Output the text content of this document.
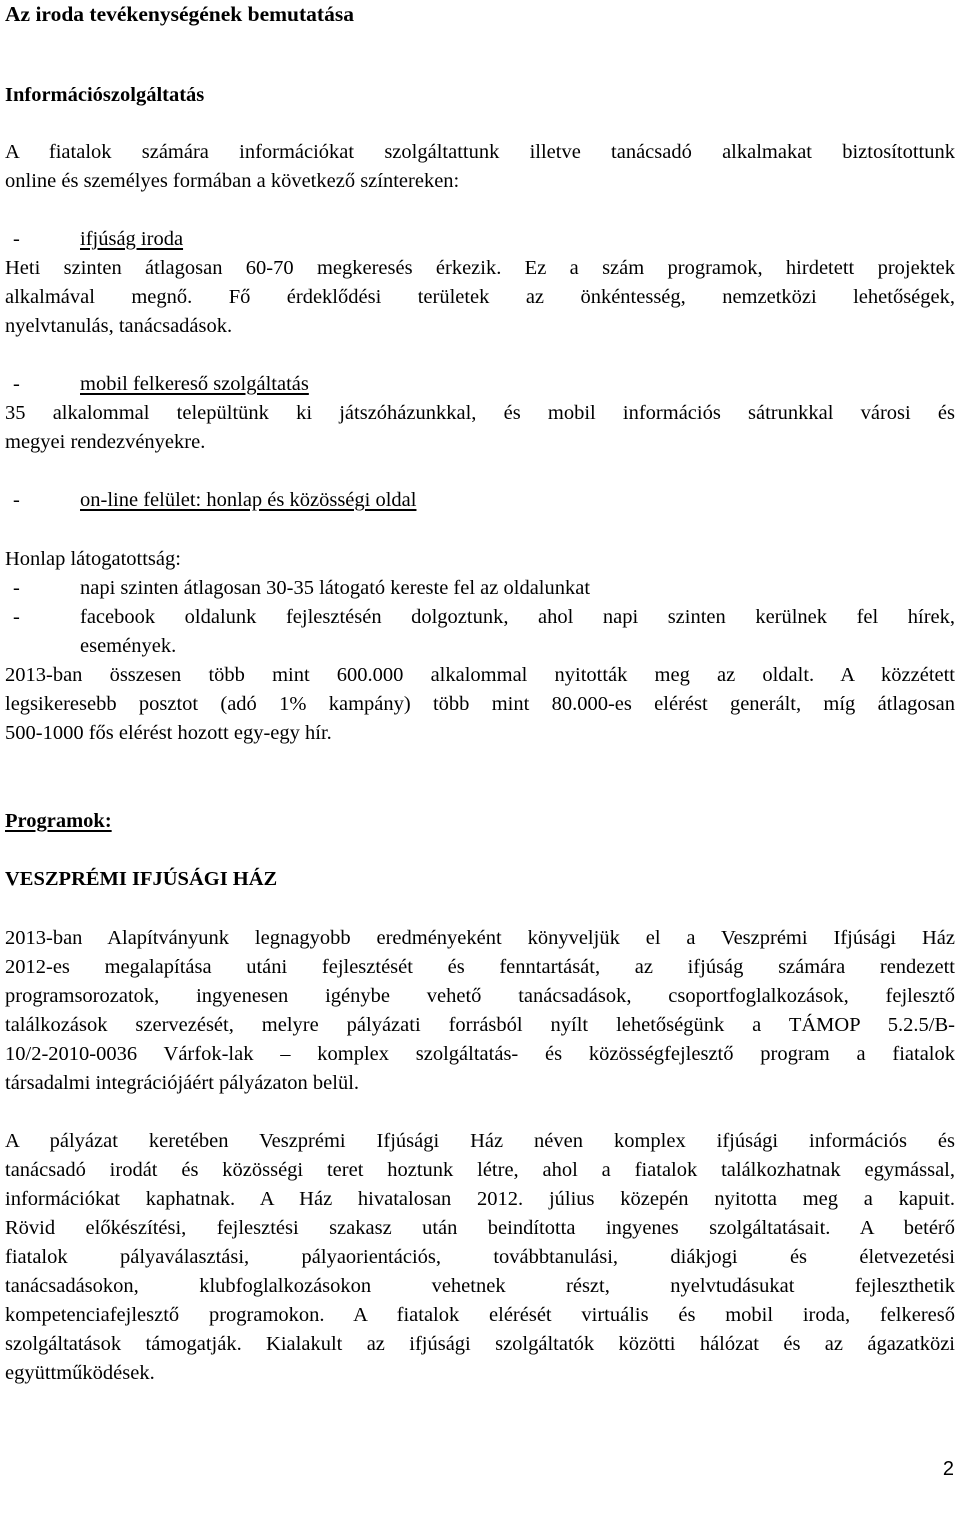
Az iroda tevékenységének bemutatása
Információszolgáltatás
A fiatalok számára információkat szolgáltattunk illetve tanácsadó alkalmakat biztosítottunk
online és személyes formában a következő színtereken:
-	ifjúság iroda
Heti szinten átlagosan 60-70 megkeresés érkezik. Ez a szám programok, hirdetett projektek
alkalmával megnő. Fő érdeklődési területek az önkéntesség, nemzetközi lehetőségek,
nyelvtanulás, tanácsadások.
-	mobil felkereső szolgáltatás
35 alkalommal települtünk ki játszóházunkkal, és mobil információs sátrunkkal városi és
megyei rendezvényekre.
-	on-line felület: honlap és közösségi oldal
Honlap látogatottság:
-	napi szinten átlagosan 30-35 látogató kereste fel az oldalunkat
-	facebook oldalunk fejlesztésén dolgoztunk, ahol napi szinten kerülnek fel hírek,
események.
2013-ban összesen több mint 600.000 alkalommal nyitották meg az oldalt. A közzétett
legsikeresebb posztot (adó 1% kampány) több mint 80.000-es elérést generált, míg átlagosan
500-1000 fős elérést hozott egy-egy hír.
Programok:
VESZPRÉMI IFJÚSÁGI HÁZ
2013-ban Alapítványunk legnagyobb eredményeként könyveljük el a Veszprémi Ifjúsági Ház
2012-es megalapítása utáni fejlesztését és fenntartását, az ifjúság számára rendezett
programsorozatok, ingyenesen igénybe vehető tanácsadások, csoportfoglalkozások, fejlesztő
találkozások szervezését, melyre pályázati forrásból nyílt lehetőségünk a TÁMOP 5.2.5/B-
10/2-2010-0036 Várfok-lak – komplex szolgáltatás- és közösségfejlesztő program a fiatalok
társadalmi integrációjáért pályázaton belül.
A pályázat keretében Veszprémi Ifjúsági Ház néven komplex ifjúsági információs és
tanácsadó irodát és közösségi teret hoztunk létre, ahol a fiatalok találkozhatnak egymással,
információkat kaphatnak. A Ház hivatalosan 2012. július közepén nyitotta meg a kapuit.
Rövid előkészítési, fejlesztési szakasz után beindította ingyenes szolgáltatásait. A betérő
fiatalok pályaválasztási, pályaorientációs, továbbtanulási, diákjogi és életvezetési
tanácsadásokon, klubfoglalkozásokon vehetnek részt, nyelvtudásukat fejleszthetik
kompetenciafejlesztő programokon. A fiatalok elérését virtuális és mobil iroda, felkereső
szolgáltatások támogatják. Kialakult az ifjúsági szolgáltatók közötti hálózat és az ágazatközi
együttműködések.
2
